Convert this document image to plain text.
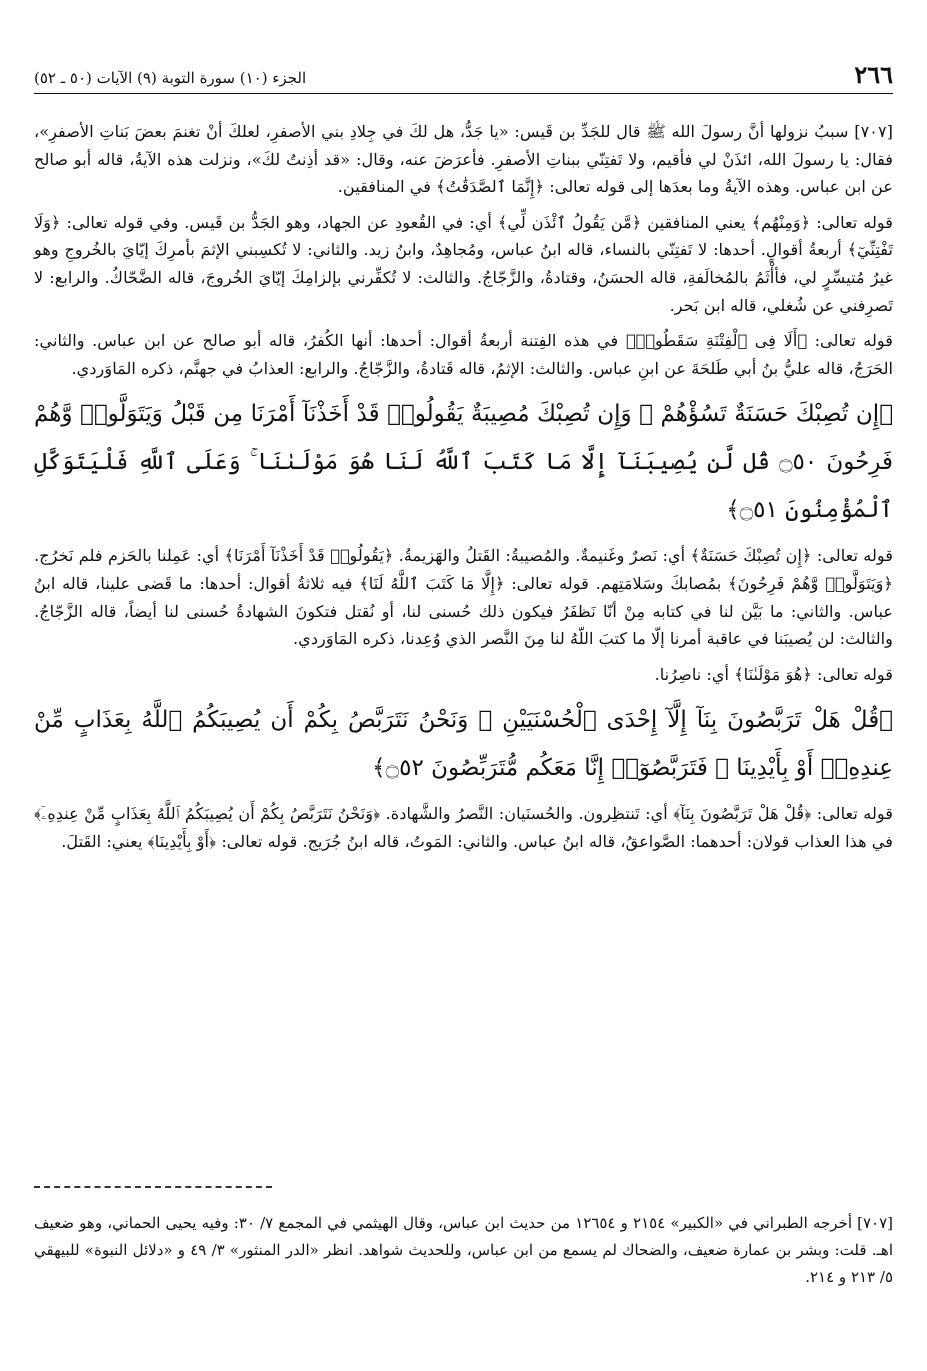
٢٦٦
الجزء (١٠) سورة التوبة (٩) الآيات (٥٠ ـ ٥٢)

[٧٠٧] سببُ نزولها أنَّ رسولَ الله ﷺ قال للجَدِّ بن قَيس: «يا جَدُّ، هل لكَ في جِلادِ بني الأصفرِ، لعلكَ أنْ تغنمَ بعضَ بَناتِ الأصفرِ»، فقال: يا رسولَ الله، ائذَنْ لي فأقيم، ولا تَفتِنّي ببناتِ الأصفرِ. فأعرَضَ عنه، وقال: «قد أذِنتُ لكَ»، ونزلت هذه الآيةُ، قاله أبو صالح عن ابن عباس. وهذه الآيةُ وما بعدَها إلى قوله تعالى: ﴿إِنَّمَا ٱلصَّدَقَٰتُ﴾ في المنافقين.

قوله تعالى: ﴿وَمِنْهُم﴾ يعني المنافقين ﴿مَّن يَقُولُ ٱئْذَن لِّي﴾ أي: في القُعودِ عن الجهاد، وهو الجَدُّ بن قَيس. وفي قوله تعالى: ﴿وَلَا تَفْتِنِّيٓ﴾ أربعةُ أقوالٍ. أحدها: لا تَفتِنّي بالنساء، قاله ابنُ عباس، ومُجاهِدٌ، وابنُ زيد. والثاني: لا تُكسِبني الإثمَ بأمرِكَ إيّايَ بالخُروجِ وهو غيرُ مُتيسِّرٍ لي، فأأْثَمُ بالمُخالَفةِ، قاله الحسَنُ، وقتادةُ، والزَّجّاجُ. والثالث: لا تُكفِّرني بإلزامِكَ إيّايَ الخُروجَ، قاله الضَّحّاكُ. والرابع: لا تَصرِفني عن شُغلي، قاله ابن بَحر.

قوله تعالى: ﴿أَلَا فِى ٱلْفِتْنَةِ سَقَطُوا۟﴾ في هذه الفِتنة أربعةُ أقوال: أحدها: أنها الكُفرُ، قاله أبو صالح عن ابن عباس. والثاني: الحَرَجُ، قاله عليُّ بنُ أبي طَلحَةَ عن ابنِ عباس. والثالث: الإثمُ، قاله قَتادةُ، والزَّجّاجُ. والرابع: العذابُ في جهنَّم، ذكره المَاوَردي.

﴿إِن تُصِبْكَ حَسَنَةٌ تَسُؤْهُمْ ۖ وَإِن تُصِبْكَ مُصِيبَةٌ يَقُولُوا۟ قَدْ أَخَذْنَآ أَمْرَنَا مِن قَبْلُ وَيَتَوَلَّوا۟ وَّهُمْ فَرِحُونَ ۝٥٠ قُل لَّن يُصِيبَنَآ إِلَّا مَا كَتَبَ ٱللَّهُ لَنَا هُوَ مَوْلَىٰنَا ۚ وَعَلَى ٱللَّهِ فَلْيَتَوَكَّلِ ٱلْمُؤْمِنُونَ ۝٥١﴾

قوله تعالى: ﴿إِن تُصِبْكَ حَسَنَةٌ﴾ أي: نَصرٌ وغَنيمةٌ. والمُصيبةُ: القَتلُ والهَزيمةُ. ﴿يَقُولُوا۟ قَدْ أَخَذْنَآ أَمْرَنَا﴾ أي: عَمِلنا بالحَزم فلم نَخرُج. ﴿وَيَتَوَلَّوا۟ وَّهُمْ فَرِحُونَ﴾ بمُصابكَ وسَلامَتِهم. قوله تعالى: ﴿إِلَّا مَا كَتَبَ ٱللَّهُ لَنَا﴾ فيه ثلاثةُ أقوال: أحدها: ما قَضى علينا، قاله ابنُ عباس. والثاني: ما بَيَّن لنا في كتابه مِنْ أنّا نَظفَرُ فيكون ذلك حُسنى لنا، أو نُقتل فتكونَ الشهادةُ حُسنى لنا أيضاً، قاله الزَّجّاجُ. والثالث: لن يُصيبَنا في عاقبة أمرنا إلّا ما كتبَ اللّهُ لنا مِنَ النَّصر الذي وُعِدنا، ذكره المَاوَردي.

قوله تعالى: ﴿هُوَ مَوْلَىٰنَا﴾ أي: ناصِرُنا.

﴿قُلْ هَلْ تَرَبَّصُونَ بِنَآ إِلَّآ إِحْدَى ٱلْحُسْنَيَيْنِ ۖ وَنَحْنُ نَتَرَبَّصُ بِكُمْ أَن يُصِيبَكُمُ ٱللَّهُ بِعَذَابٍ مِّنْ عِندِهِۦٓ أَوْ بِأَيْدِينَا ۖ فَتَرَبَّصُوٓا۟ إِنَّا مَعَكُم مُّتَرَبِّصُونَ ۝٥٢﴾

قوله تعالى: ﴿قُلْ هَلْ تَرَبَّصُونَ بِنَآ﴾ أي: تَنتظِرون. والحُسنَيان: النَّصرُ والشَّهادة. ﴿وَنَحْنُ نَتَرَبَّصُ بِكُمْ أَن يُصِيبَكُمُ ٱللَّهُ بِعَذَابٍ مِّنْ عِندِهِۦٓ﴾ في هذا العذاب قولان: أحدهما: الصَّواعقُ، قاله ابنُ عباس. والثاني: المَوتُ، قاله ابنُ جُرَيج. قوله تعالى: ﴿أَوْ بِأَيْدِينَا﴾ يعني: القَتلَ.

[٧٠٧] أخرجه الطبراني في «الكبير» ٢١٥٤ و ١٢٦٥٤ من حديث ابن عباس، وقال الهيثمي في المجمع ٧/ ٣٠: وفيه يحيى الحماني، وهو ضعيف اهـ. قلت: وبشر بن عمارة ضعيف، والضحاك لم يسمع من ابن عباس، وللحديث شواهد. انظر «الدر المنثور» ٣/ ٤٩ و «دلائل النبوة» للبيهقي ٥/ ٢١٣ و ٢١٤.
